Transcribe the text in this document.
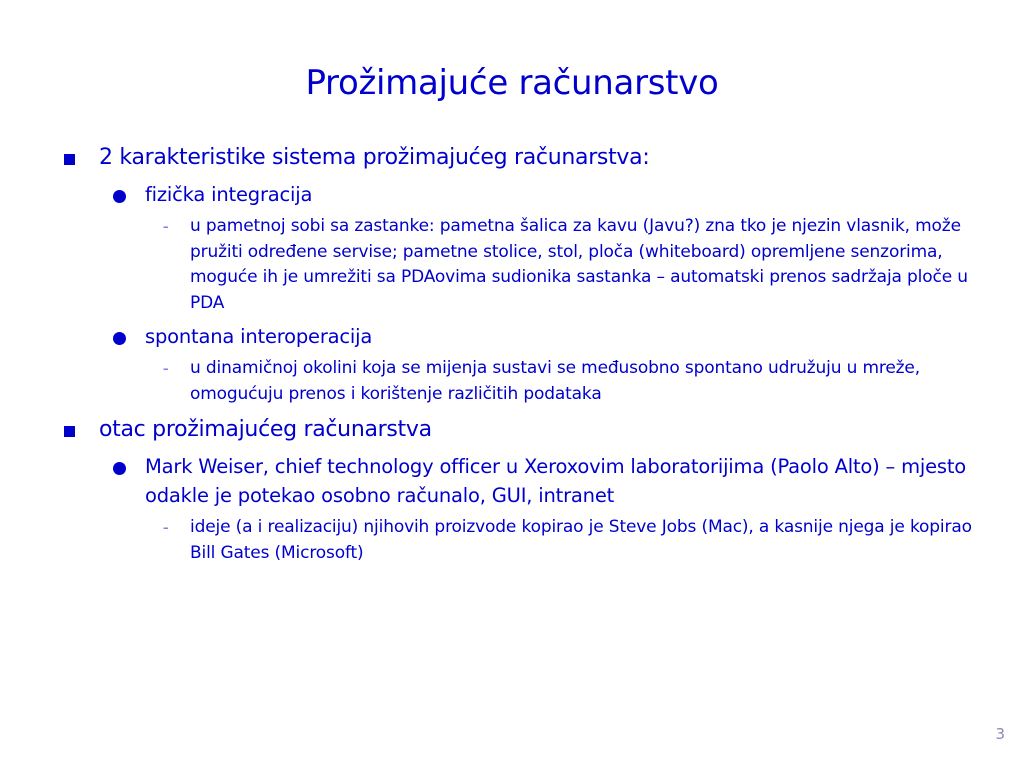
Prožimajuće računarstvo
2 karakteristike sistema prožimajućeg računarstva:
fizička integracija
– u pametnoj sobi sa zastanke: pametna šalica za kavu (Javu?) zna tko je njezin vlasnik, može pružiti određene servise; pametne stolice, stol, ploča (whiteboard) opremljene senzorima, moguće ih je umrežiti sa PDAovima sudionika sastanka – automatski prenos sadržaja ploče u PDA
spontana interoperacija
– u dinamičnoj okolini koja se mijenja sustavi se međusobno spontano udružuju u mreže, omogućuju prenos i korištenje različitih podataka
otac prožimajućeg računarstva
Mark Weiser, chief technology officer u Xeroxovim laboratorijima (Paolo Alto) – mjesto odakle je potekao osobno računalo, GUI, intranet
– ideje (a i realizaciju) njihovih proizvode kopirao je Steve Jobs (Mac), a kasnije njega je kopirao Bill Gates (Microsoft)
3
